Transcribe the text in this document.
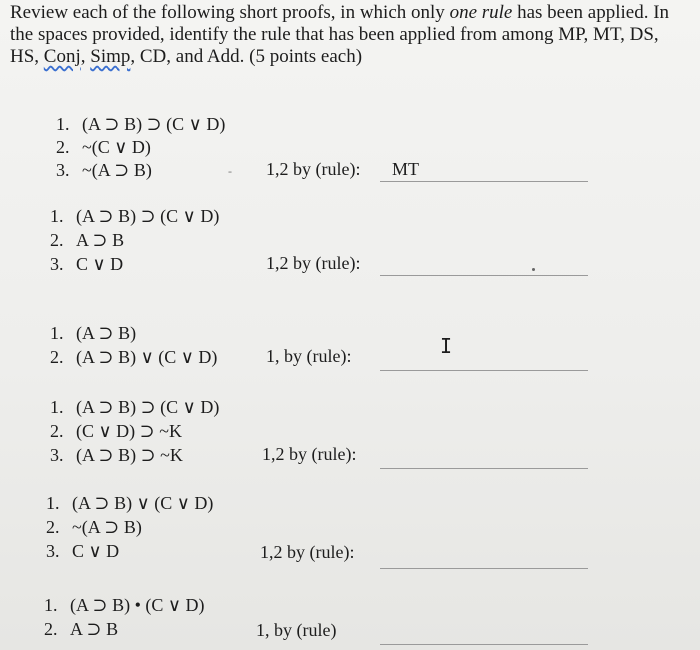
Review each of the following short proofs, in which only one rule has been applied. In the spaces provided, identify the rule that has been applied from among MP, MT, DS, HS, Conj, Simp, CD, and Add. (5 points each)
1. (A ⊃ B) ⊃ (C ∨ D)
2. ~(C ∨ D)
3. ~(A ⊃ B)	- 1,2 by (rule): MT
1. (A ⊃ B) ⊃ (C ∨ D)
2. A ⊃ B
3. C ∨ D	1,2 by (rule):
1. (A ⊃ B)
2. (A ⊃ B) ∨ (C ∨ D)	1, by (rule):	I
1. (A ⊃ B) ⊃ (C ∨ D)
2. (C ∨ D) ⊃ ~K
3. (A ⊃ B) ⊃ ~K	1,2 by (rule):
1. (A ⊃ B) ∨ (C ∨ D)
2. ~(A ⊃ B)
3. C ∨ D	1,2 by (rule):
1. (A ⊃ B) • (C ∨ D)
2. A ⊃ B	1, by (rule)
